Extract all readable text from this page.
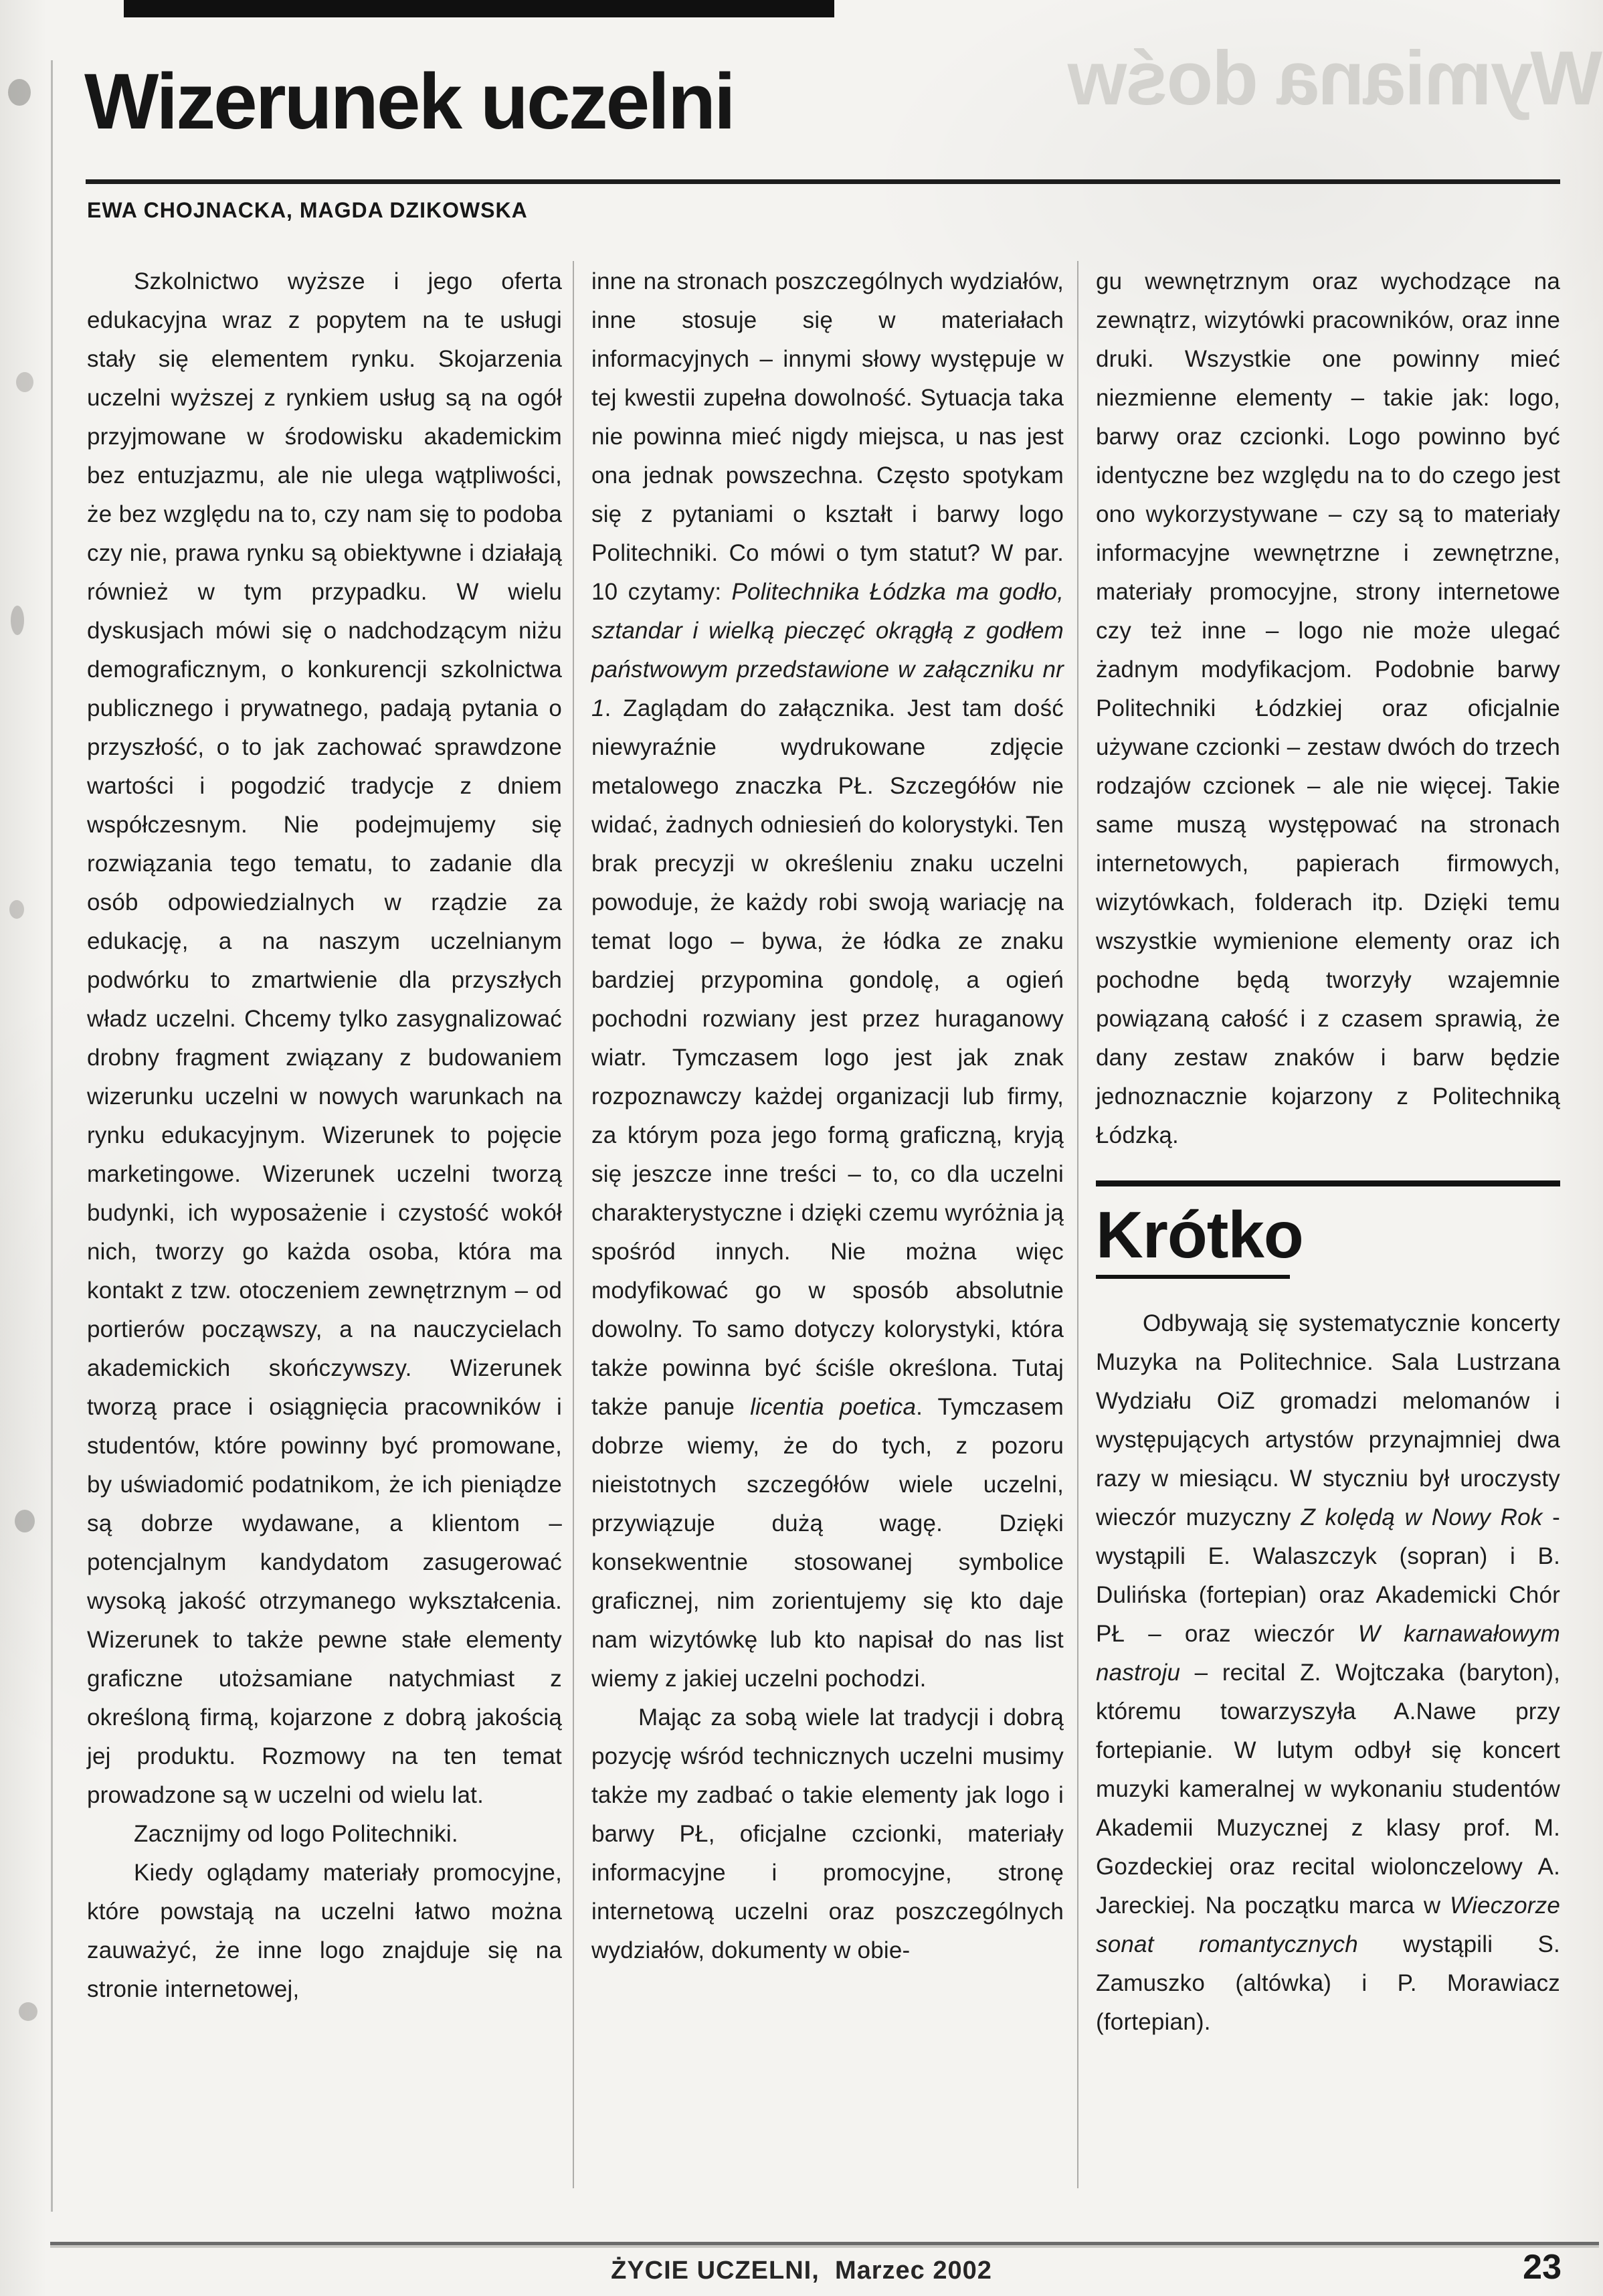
Wymiana dośw
Wizerunek uczelni
EWA CHOJNACKA, MAGDA DZIKOWSKA

Szkolnictwo wyższe i jego oferta edukacyjna wraz z popytem na te usługi stały się elementem rynku. Skojarzenia uczelni wyższej z rynkiem usług są na ogół przyjmowane w środowisku akademickim bez entuzjazmu, ale nie ulega wątpliwości, że bez względu na to, czy nam się to podoba czy nie, prawa rynku są obiektywne i działają również w tym przypadku. W wielu dyskusjach mówi się o nadchodzącym niżu demograficznym, o konkurencji szkolnictwa publicznego i prywatnego, padają pytania o przyszłość, o to jak zachować sprawdzone wartości i pogodzić tradycje z dniem współczesnym. Nie podejmujemy się rozwiązania tego tematu, to zadanie dla osób odpowiedzialnych w rządzie za edukację, a na naszym uczelnianym podwórku to zmartwienie dla przyszłych władz uczelni. Chcemy tylko zasygnalizować drobny fragment związany z budowaniem wizerunku uczelni w nowych warunkach na rynku edukacyjnym. Wizerunek to pojęcie marketingowe. Wizerunek uczelni tworzą budynki, ich wyposażenie i czystość wokół nich, tworzy go każda osoba, która ma kontakt z tzw. otoczeniem zewnętrznym – od portierów począwszy, a na nauczycielach akademickich skończywszy. Wizerunek tworzą prace i osiągnięcia pracowników i studentów, które powinny być promowane, by uświadomić podatnikom, że ich pieniądze są dobrze wydawane, a klientom – potencjalnym kandydatom zasugerować wysoką jakość otrzymanego wykształcenia. Wizerunek to także pewne stałe elementy graficzne utożsamiane natychmiast z określoną firmą, kojarzone z dobrą jakością jej produktu. Rozmowy na ten temat prowadzone są w uczelni od wielu lat.

Zacznijmy od logo Politechniki.

Kiedy oglądamy materiały promocyjne, które powstają na uczelni łatwo można zauważyć, że inne logo znajduje się na stronie internetowej,

inne na stronach poszczególnych wydziałów, inne stosuje się w materiałach informacyjnych – innymi słowy występuje w tej kwestii zupełna dowolność. Sytuacja taka nie powinna mieć nigdy miejsca, u nas jest ona jednak powszechna. Często spotykam się z pytaniami o kształt i barwy logo Politechniki. Co mówi o tym statut? W par. 10 czytamy: Politechnika Łódzka ma godło, sztandar i wielką pieczęć okrągłą z godłem państwowym przedstawione w załączniku nr 1. Zaglądam do załącznika. Jest tam dość niewyraźnie wydrukowane zdjęcie metalowego znaczka PŁ. Szczegółów nie widać, żadnych odniesień do kolorystyki. Ten brak precyzji w określeniu znaku uczelni powoduje, że każdy robi swoją wariację na temat logo – bywa, że łódka ze znaku bardziej przypomina gondolę, a ogień pochodni rozwiany jest przez huraganowy wiatr. Tymczasem logo jest jak znak rozpoznawczy każdej organizacji lub firmy, za którym poza jego formą graficzną, kryją się jeszcze inne treści – to, co dla uczelni charakterystyczne i dzięki czemu wyróżnia ją spośród innych. Nie można więc modyfikować go w sposób absolutnie dowolny. To samo dotyczy kolorystyki, która także powinna być ściśle określona. Tutaj także panuje licentia poetica. Tymczasem dobrze wiemy, że do tych, z pozoru nieistotnych szczegółów wiele uczelni, przywiązuje dużą wagę. Dzięki konsekwentnie stosowanej symbolice graficznej, nim zorientujemy się kto daje nam wizytówkę lub kto napisał do nas list wiemy z jakiej uczelni pochodzi.

Mając za sobą wiele lat tradycji i dobrą pozycję wśród technicznych uczelni musimy także my zadbać o takie elementy jak logo i barwy PŁ, oficjalne czcionki, materiały informacyjne i promocyjne, stronę internetową uczelni oraz poszczególnych wydziałów, dokumenty w obie-

gu wewnętrznym oraz wychodzące na zewnątrz, wizytówki pracowników, oraz inne druki. Wszystkie one powinny mieć niezmienne elementy – takie jak: logo, barwy oraz czcionki. Logo powinno być identyczne bez względu na to do czego jest ono wykorzystywane – czy są to materiały informacyjne wewnętrzne i zewnętrzne, materiały promocyjne, strony internetowe czy też inne – logo nie może ulegać żadnym modyfikacjom. Podobnie barwy Politechniki Łódzkiej oraz oficjalnie używane czcionki – zestaw dwóch do trzech rodzajów czcionek – ale nie więcej. Takie same muszą występować na stronach internetowych, papierach firmowych, wizytówkach, folderach itp. Dzięki temu wszystkie wymienione elementy oraz ich pochodne będą tworzyły wzajemnie powiązaną całość i z czasem sprawią, że dany zestaw znaków i barw będzie jednoznacznie kojarzony z Politechniką Łódzką.

Krótko

Odbywają się systematycznie koncerty Muzyka na Politechnice. Sala Lustrzana Wydziału OiZ gromadzi melomanów i występujących artystów przynajmniej dwa razy w miesiącu. W styczniu był uroczysty wieczór muzyczny Z kolędą w Nowy Rok - wystąpili E. Walaszczyk (sopran) i B. Dulińska (fortepian) oraz Akademicki Chór PŁ – oraz wieczór W karnawałowym nastroju – recital Z. Wojtczaka (baryton), któremu towarzyszyła A.Nawe przy fortepianie. W lutym odbył się koncert muzyki kameralnej w wykonaniu studentów Akademii Muzycznej z klasy prof. M. Gozdeckiej oraz recital wiolonczelowy A. Jareckiej. Na początku marca w Wieczorze sonat romantycznych wystąpili S. Zamuszko (altówka) i P. Morawiacz (fortepian).

ŻYCIE UCZELNI, Marzec 2002	23
